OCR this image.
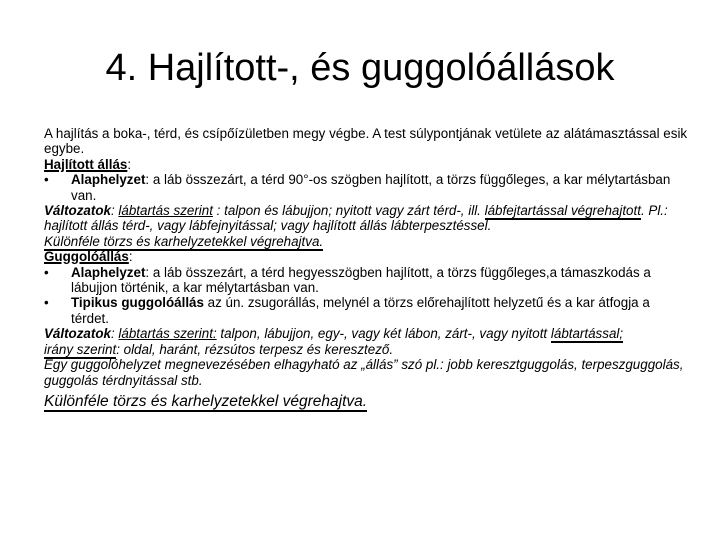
4. Hajlított-, és guggolóállások

A hajlítás a boka-, térd, és csípőízületben megy végbe. A test súlypontjának vetülete az alátámasztással esik egybe.

Hajlított állás:

• Alaphelyzet: a láb összezárt, a térd 90°-os szögben hajlított, a törzs függőleges, a kar mélytartásban van.

Változatok: lábtartás szerint : talpon és lábujjon; nyitott vagy zárt térd-, ill. lábfejtartással végrehajtott. Pl.: hajlított állás térd-, vagy lábfejnyitással; vagy hajlított állás lábterpesztéssel.

Különféle törzs és karhelyzetekkel végrehajtva.

Guggolóállás:

• Alaphelyzet: a láb összezárt, a térd hegyesszögben hajlított, a törzs függőleges,a támaszkodás a lábujjon történik, a kar mélytartásban van.

• Tipikus guggolóállás az ún. zsugorállás, melynél a törzs előrehajlított helyzetű és a kar átfogja a térdet.

Változatok: lábtartás szerint: talpon, lábujjon, egy-, vagy két lábon, zárt-, vagy nyitott lábtartással;

irány szerint: oldal, haránt, rézsútos terpesz és keresztező.

Egy guggolóhelyzet megnevezésében elhagyható az „állás” szó pl.: jobb keresztguggolás, terpeszguggolás, guggolás térdnyitással stb.

Különféle törzs és karhelyzetekkel végrehajtva.
